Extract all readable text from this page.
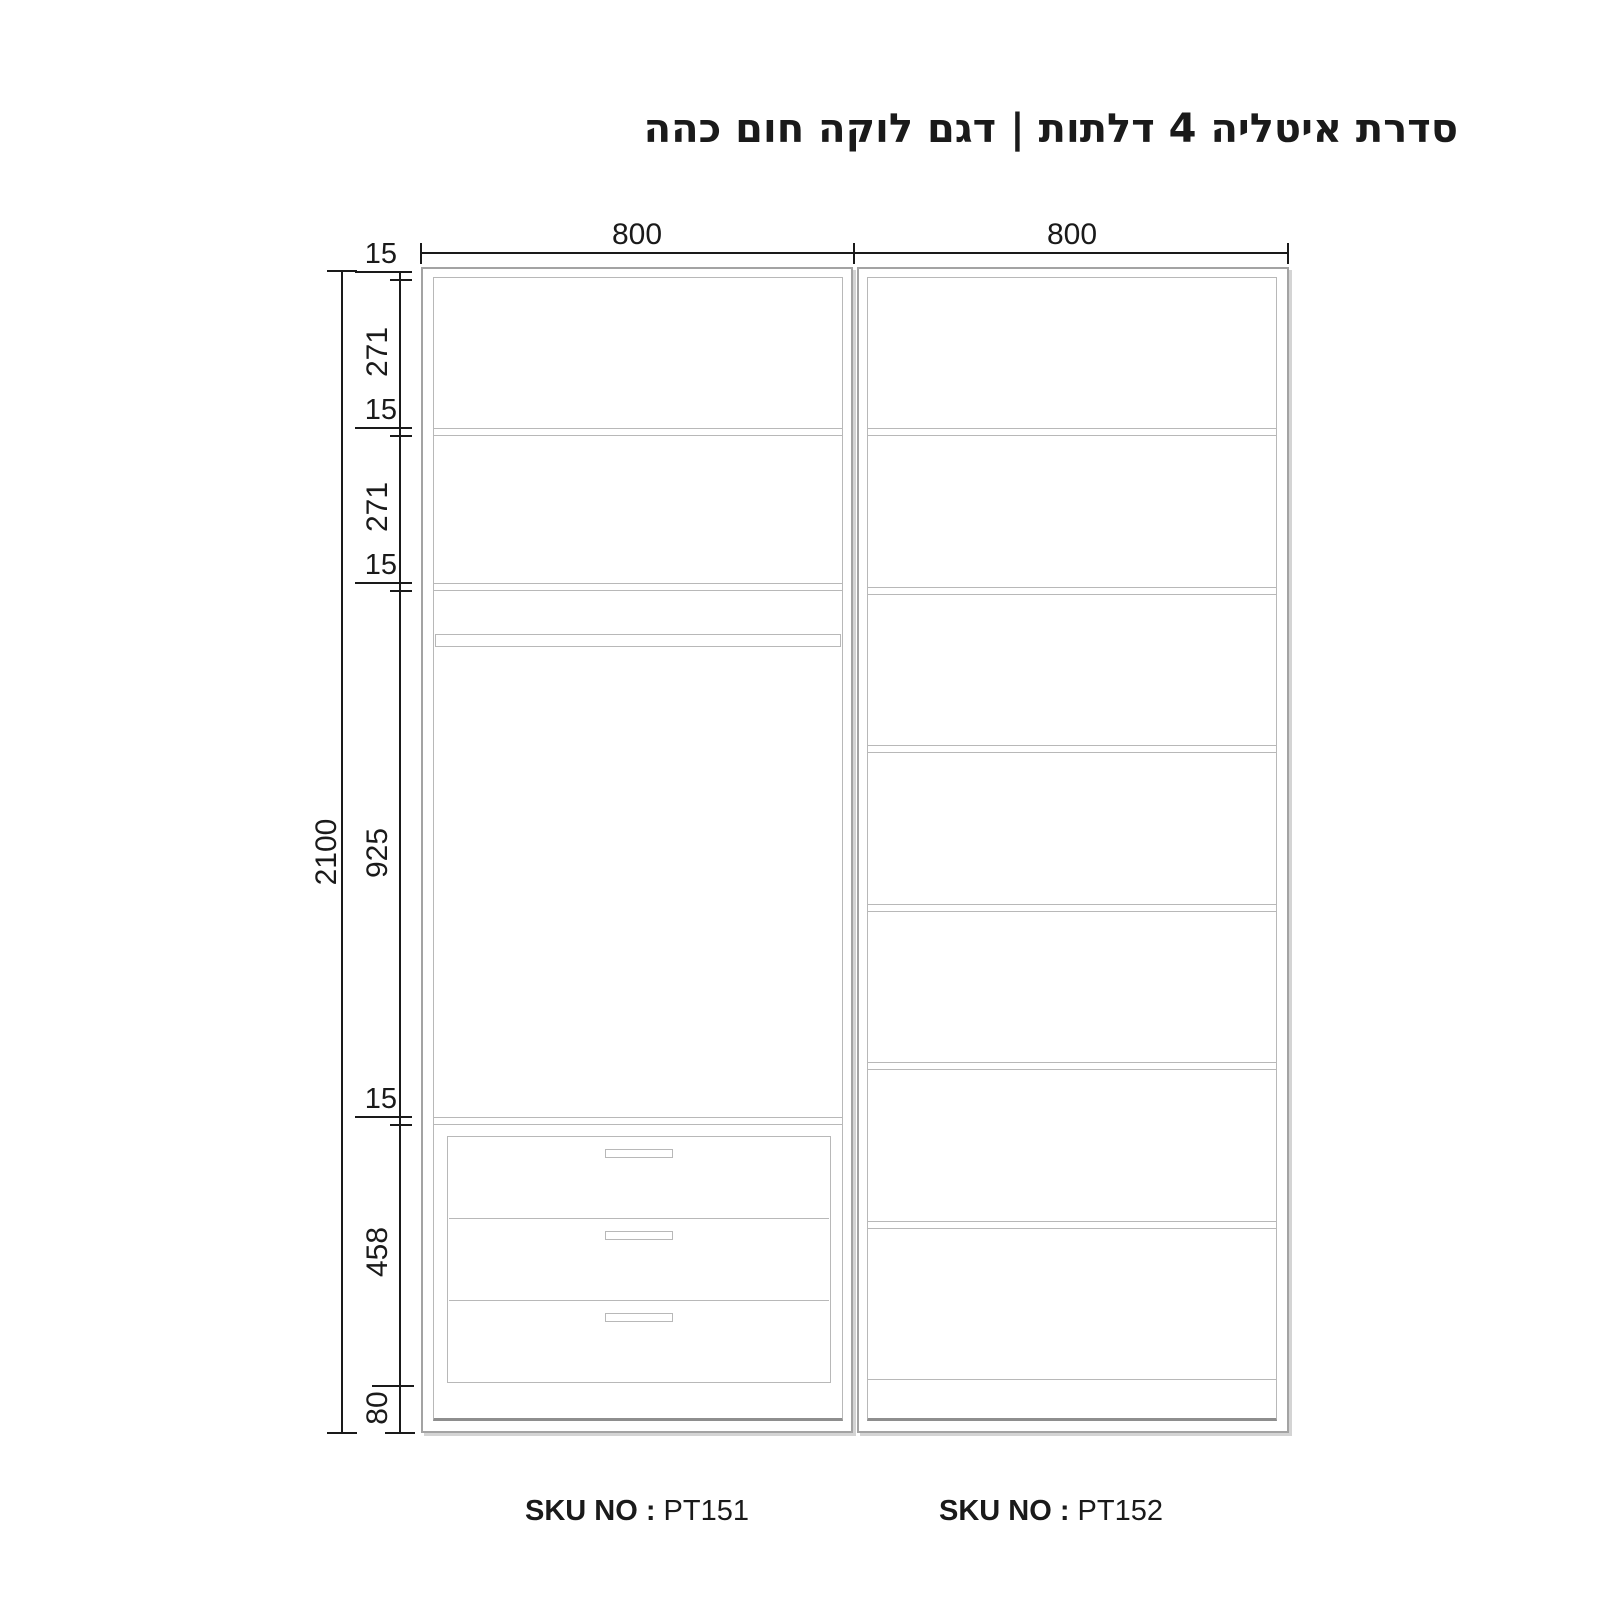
סדרת איטליה 4 דלתות | דגם לוקה חום כהה
800	800
2100
15
271
15
271
15
925
15
458
80
SKU NO : PT151	SKU NO : PT152
